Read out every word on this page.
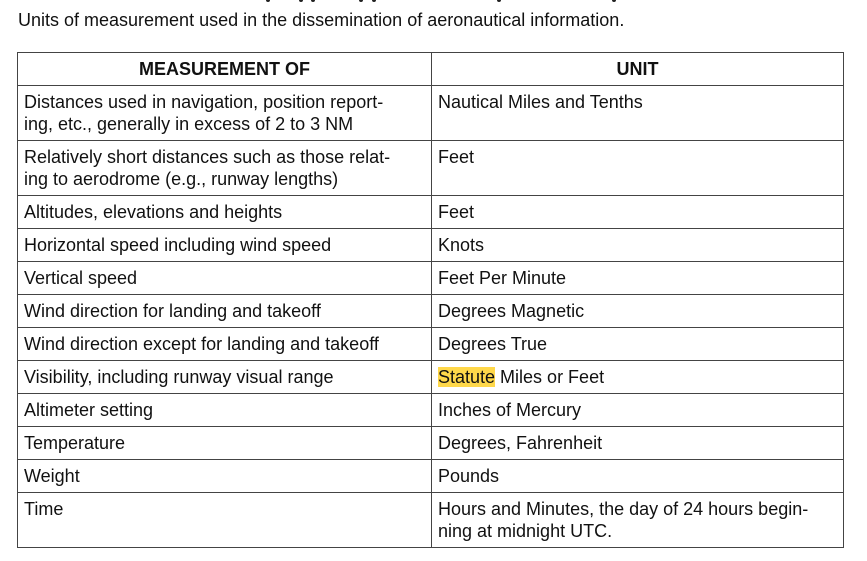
Units of measurement used in the dissemination of aeronautical information.
MEASUREMENT OF	UNIT

Distances used in navigation, position report-
ing, etc., generally in excess of 2 to 3 NM	Nautical Miles and Tenths

Relatively short distances such as those relat-
ing to aerodrome (e.g., runway lengths)	Feet
Altitudes, elevations and heights	Feet
Horizontal speed including wind speed	Knots
Vertical speed	Feet Per Minute
Wind direction for landing and takeoff	Degrees Magnetic
Wind direction except for landing and takeoff	Degrees True
Visibility, including runway visual range	Statute Miles or Feet
Altimeter setting	Inches of Mercury
Temperature	Degrees, Fahrenheit
Weight	Pounds
Time	Hours and Minutes, the day of 24 hours begin-
ning at midnight UTC.
